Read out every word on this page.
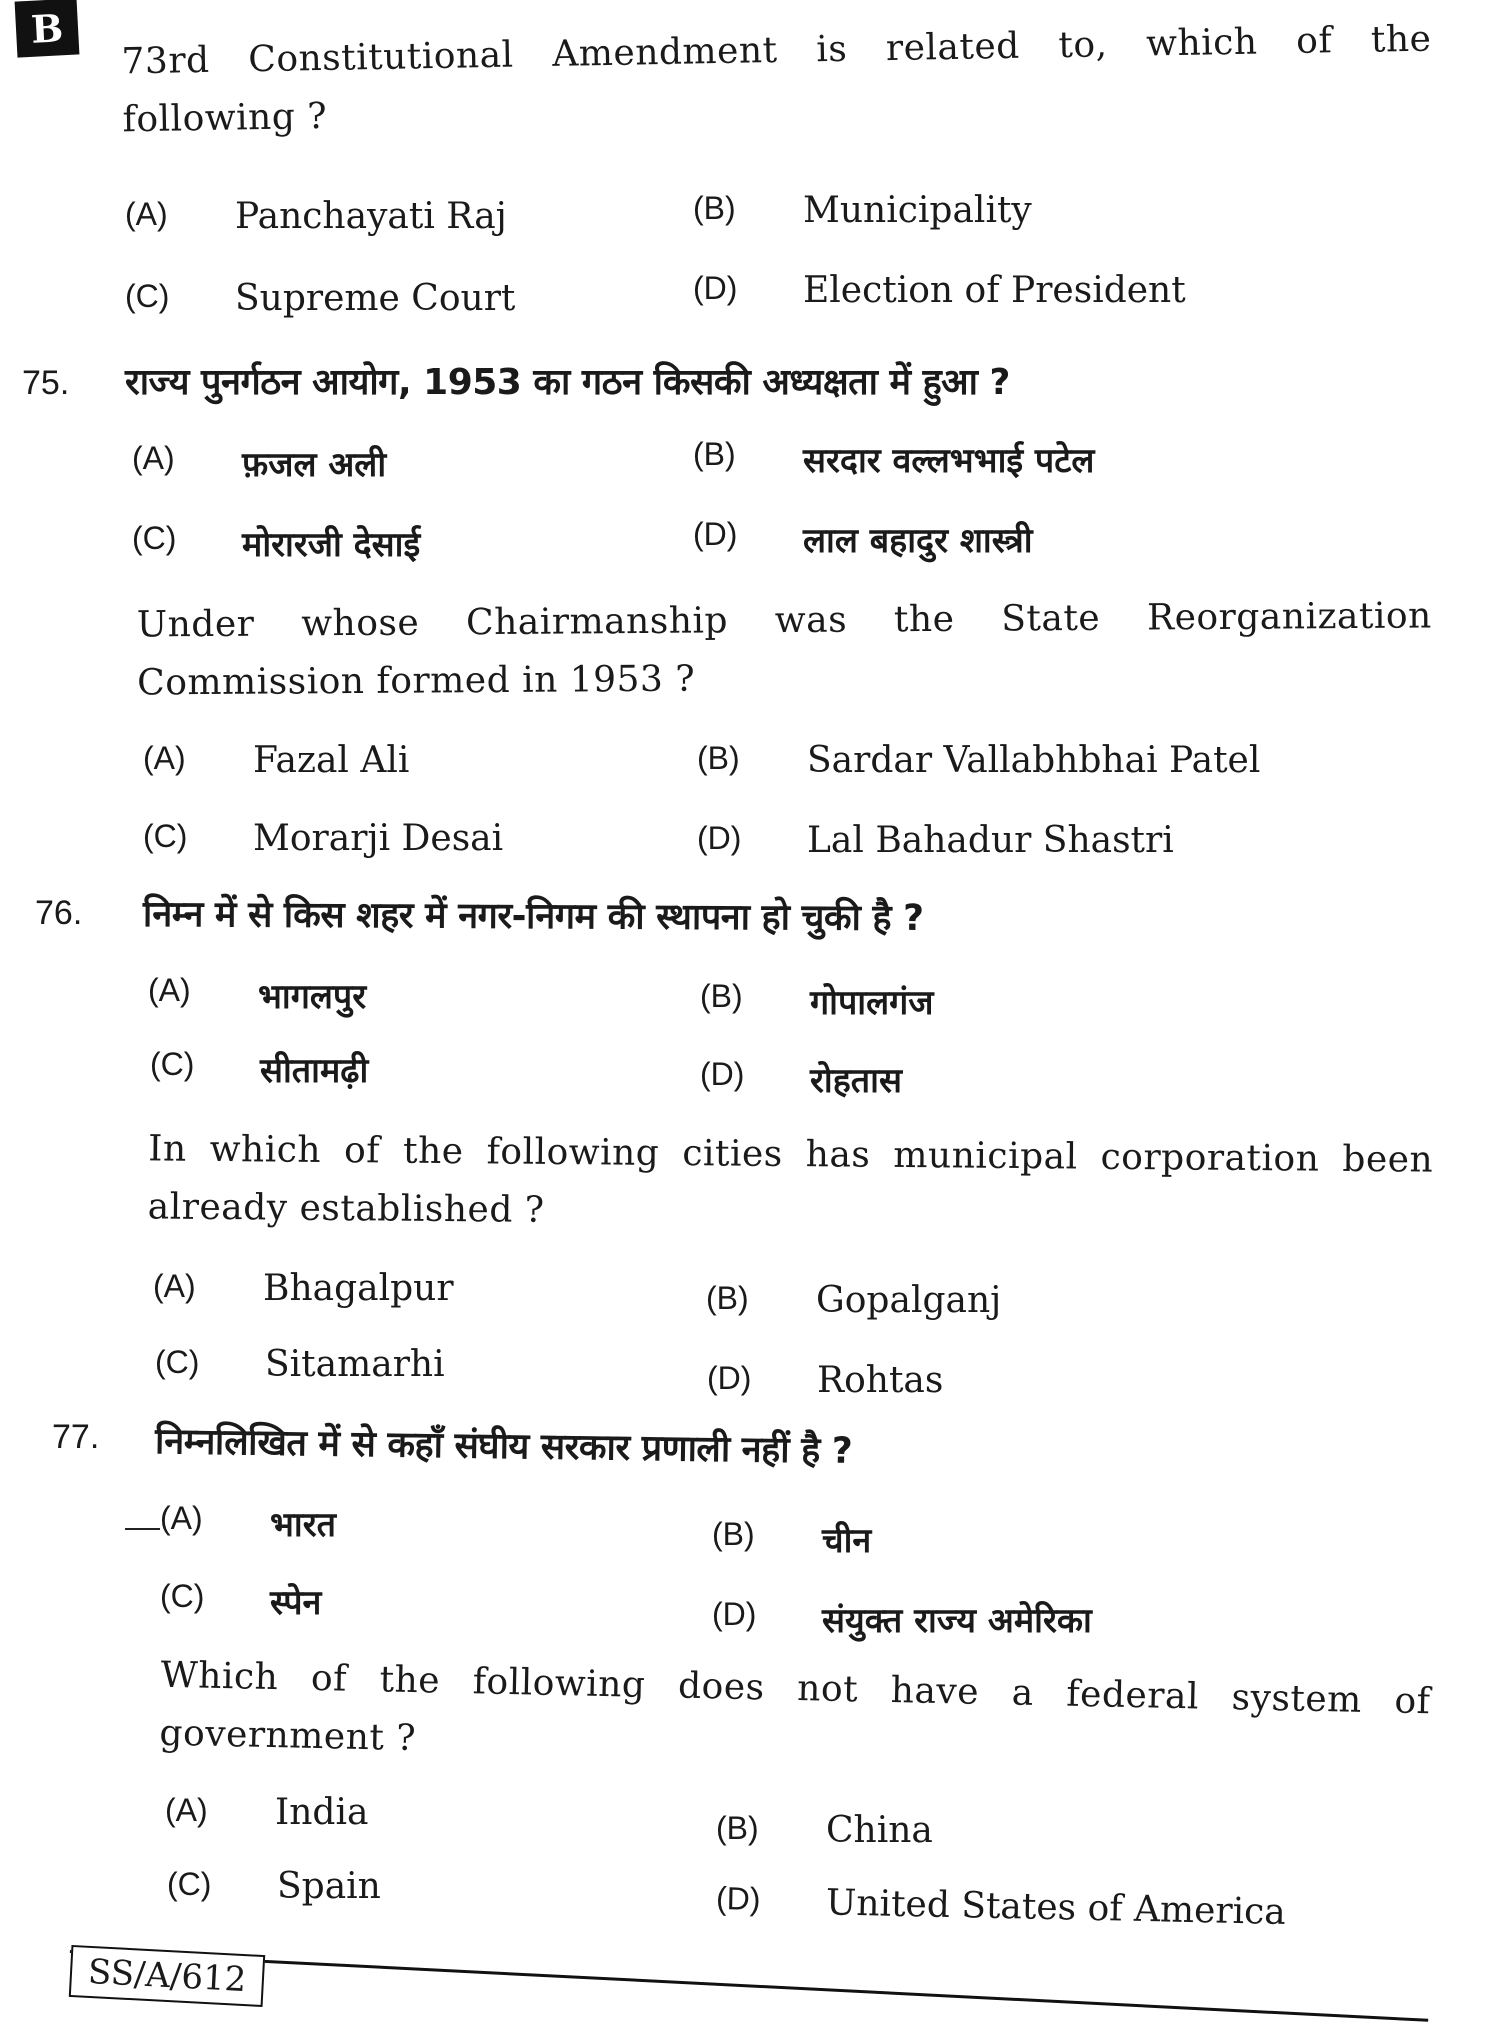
B	73rd Constitutional Amendment is related to, which of the
following ?
(A)	Panchayati Raj	(B)	Municipality
(C)	Supreme Court	(D)	Election of President
75. राज्य पुनर्गठन आयोग, 1953 का गठन किसकी अध्यक्षता में हुआ ?
(A)	फ़जल अली	(B)	सरदार वल्लभभाई पटेल
(C)	मोरारजी देसाई	(D)	लाल बहादुर शास्त्री
Under whose Chairmanship was the State Reorganization
Commission formed in 1953 ?
(A)	Fazal Ali	(B)	Sardar Vallabhbhai Patel
(C)	Morarji Desai	(D)	Lal Bahadur Shastri
76. निम्न में से किस शहर में नगर-निगम की स्थापना हो चुकी है ?
(A)	भागलपुर	(B)	गोपालगंज
(C)	सीतामढ़ी	(D)	रोहतास
In which of the following cities has municipal corporation been
already established ?
(A)	Bhagalpur	(B)	Gopalganj
(C)	Sitamarhi	(D)	Rohtas
77. निम्नलिखित में से कहाँ संघीय सरकार प्रणाली नहीं है ?
(A)	भारत	(B)	चीन
(C)	स्पेन	(D)	संयुक्त राज्य अमेरिका
Which of the following does not have a federal system of
government ?
(A)	India	(B)	China
(C)	Spain	(D)	United States of America
SS/A/612
